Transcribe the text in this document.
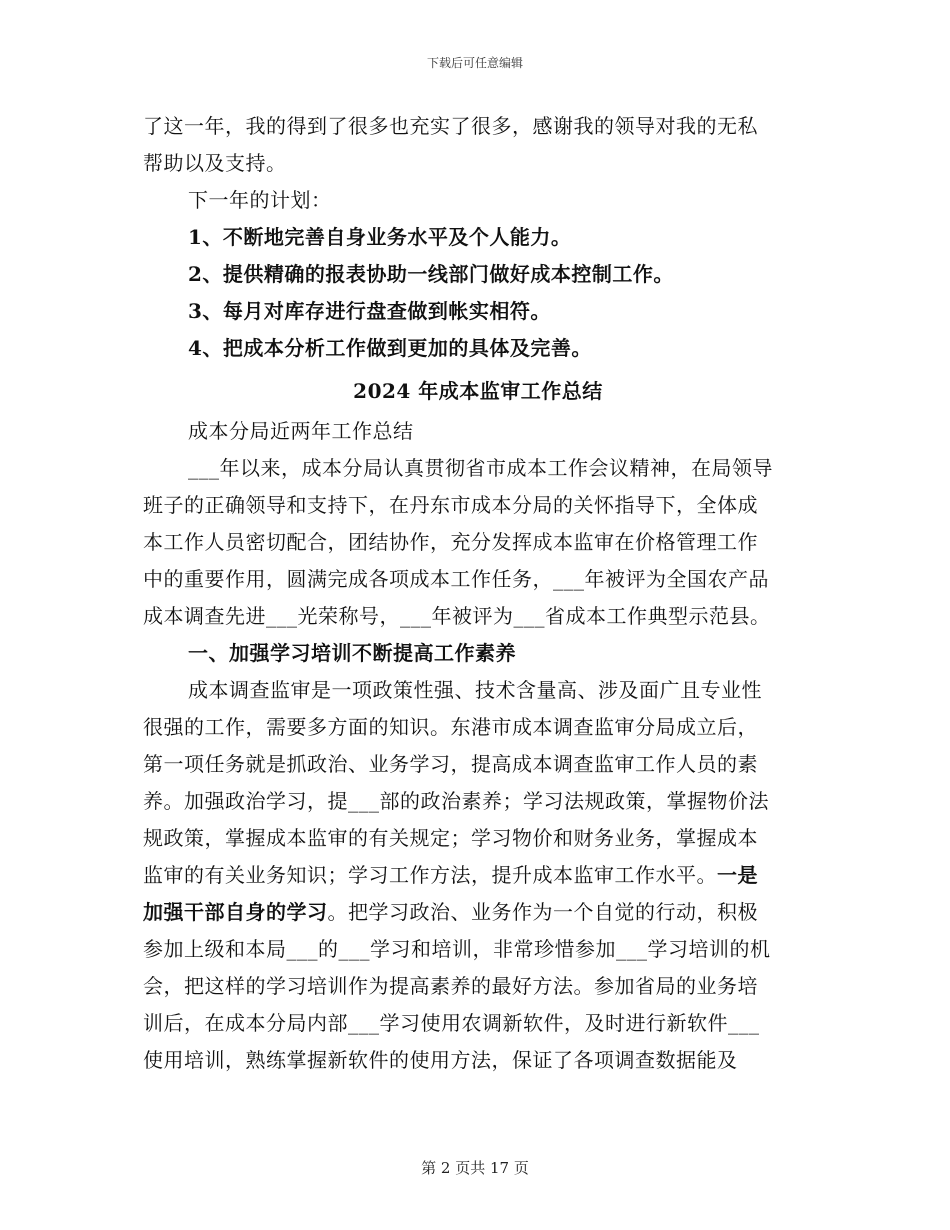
下载后可任意编辑
了这一年，我的得到了很多也充实了很多，感谢我的领导对我的无私
帮助以及支持。
下一年的计划：
1、不断地完善自身业务水平及个人能力。
2、提供精确的报表协助一线部门做好成本控制工作。
3、每月对库存进行盘查做到帐实相符。
4、把成本分析工作做到更加的具体及完善。
2024 年成本监审工作总结
成本分局近两年工作总结
___年以来，成本分局认真贯彻省市成本工作会议精神，在局领导
班子的正确领导和支持下，在丹东市成本分局的关怀指导下，全体成
本工作人员密切配合，团结协作，充分发挥成本监审在价格管理工作
中的重要作用，圆满完成各项成本工作任务，___年被评为全国农产品
成本调查先进___光荣称号，___年被评为___省成本工作典型示范县。
一、加强学习培训不断提高工作素养
成本调查监审是一项政策性强、技术含量高、涉及面广且专业性
很强的工作，需要多方面的知识。东港市成本调查监审分局成立后，
第一项任务就是抓政治、业务学习，提高成本调查监审工作人员的素
养。加强政治学习，提___部的政治素养；学习法规政策，掌握物价法
规政策，掌握成本监审的有关规定；学习物价和财务业务，掌握成本
监审的有关业务知识；学习工作方法，提升成本监审工作水平。一是
加强干部自身的学习。把学习政治、业务作为一个自觉的行动，积极
参加上级和本局___的___学习和培训，非常珍惜参加___学习培训的机
会，把这样的学习培训作为提高素养的最好方法。参加省局的业务培
训后，在成本分局内部___学习使用农调新软件，及时进行新软件___
使用培训，熟练掌握新软件的使用方法，保证了各项调查数据能及
第 2 页共 17 页
